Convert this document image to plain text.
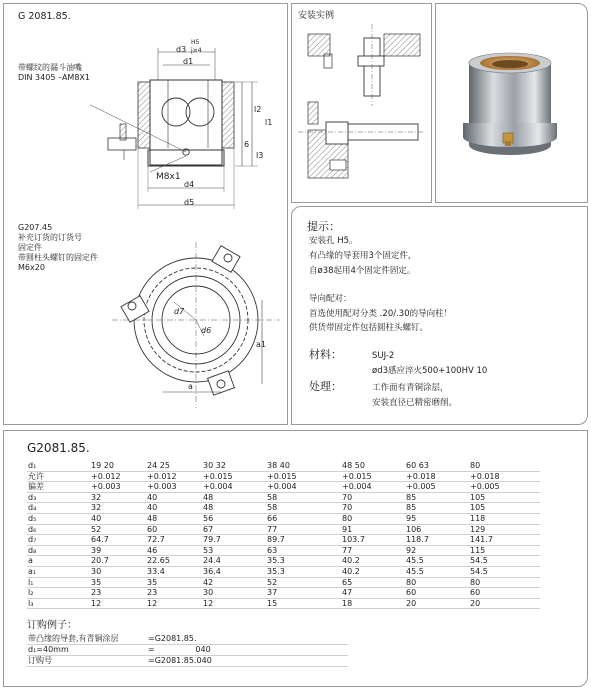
G 2081.85.
带螺纹的漏斗油嘴
DIN 3405 –AM8X1
G207.45
补充订货的订货号
固定件
带圆柱头螺钉的固定件
M6x20
d3
H5
j≥4
d1
l2
l1
6
l3
M8x1
d4
d5
d7
d6
a1
a
安装实例
提示：
安装孔 H5。
有凸缘的导套用3个固定件，
自ø38起用4个固定件固定。
导向配对：
首选使用配对分类 .20/.30的导向柱！
供货带固定件包括圆柱头螺钉。
材料：	SUJ-2
ød3感应淬火500+100HV 10
处理：	工作面有青铜涂层，
安装直径已精密磨削。
G2081.85.
d₁	19 20	24 25	30 32	38 40	48 50	60 63	80
允许	+0.012	+0.012	+0.015	+0.015	+0.015	+0.018	+0.018
偏差	+0.003	+0.003	+0.004	+0.004	+0.004	+0.005	+0.005
d₃	32	40	48	58	70	85	105
d₄	32	40	48	58	70	85	105
d₅	40	48	56	66	80	95	118
d₆	52	60	67	77	91	106	129
d₇	64.7	72.7	79.7	89.7	103.7	118.7	141.7
d₈	39	46	53	63	77	92	115
a	20.7	22.65	24.4	35.3	40.2	45.5	54.5
a₁	30	33.4	36.4	35.3	40.2	45.5	54.5
l₁	35	35	42	52	65	80	80
l₂	23	23	30	37	47	60	60
l₃	12	12	12	15	18	20	20
订购例子：
带凸缘的导套,有青铜涂层	=G2081.85.
d₁=40mm	=                040
订购号	=G2081.85.040
